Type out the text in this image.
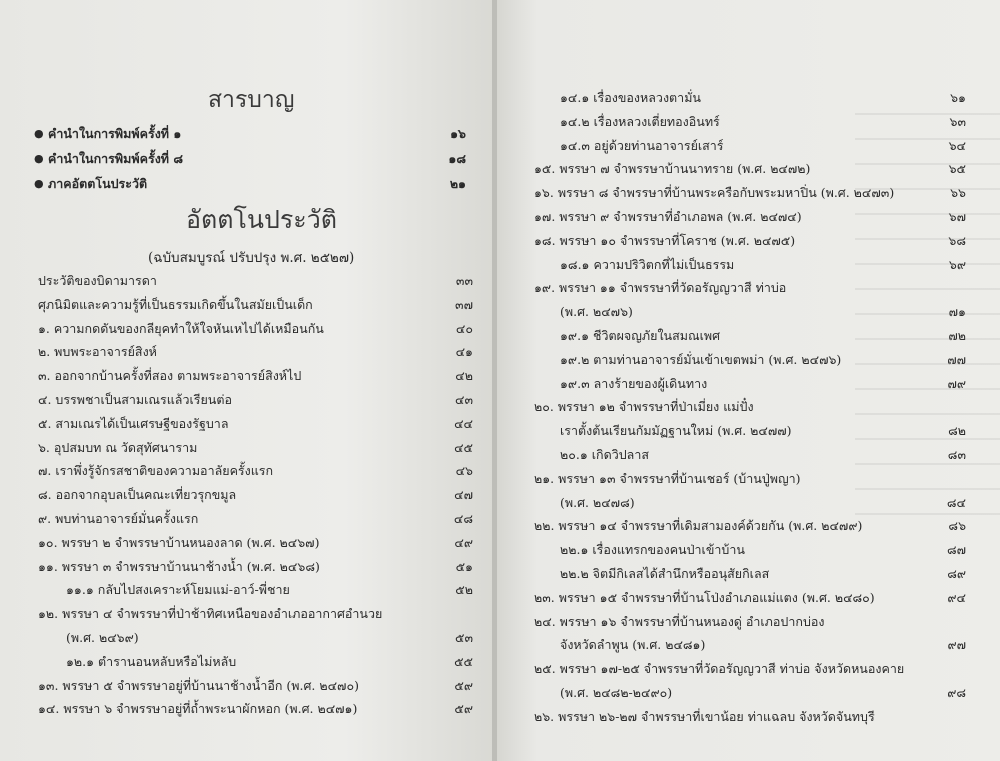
สารบาญ
● คำนำในการพิมพ์ครั้งที่ ๑	๑๖
● คำนำในการพิมพ์ครั้งที่ ๘	๑๘
● ภาคอัตตโนประวัติ	๒๑
อัตตโนประวัติ
(ฉบับสมบูรณ์ ปรับปรุง พ.ศ. ๒๕๒๗)
ประวัติของบิดามารดา	๓๓
ศุภนิมิตและความรู้ที่เป็นธรรมเกิดขึ้นในสมัยเป็นเด็ก	๓๗
๑. ความกดดันของกลียุคทำให้ใจหันเหไปได้เหมือนกัน	๔๐
๒. พบพระอาจารย์สิงห์	๔๑
๓. ออกจากบ้านครั้งที่สอง ตามพระอาจารย์สิงห์ไป	๔๒
๔. บรรพชาเป็นสามเณรแล้วเรียนต่อ	๔๓
๕. สามเณรได้เป็นเศรษฐีของรัฐบาล	๔๔
๖. อุปสมบท ณ วัดสุทัศนาราม	๔๕
๗. เราพึ่งรู้จักรสชาติของความอาลัยครั้งแรก	๔๖
๘. ออกจากอุบลเป็นคณะเที่ยวรุกขมูล	๔๗
๙. พบท่านอาจารย์มั่นครั้งแรก	๔๘
๑๐. พรรษา ๒ จำพรรษาบ้านหนองลาด (พ.ศ. ๒๔๖๗)	๔๙
๑๑. พรรษา ๓ จำพรรษาบ้านนาช้างน้ำ (พ.ศ. ๒๔๖๘)	๕๑
๑๑.๑ กลับไปสงเคราะห์โยมแม่-อาว์-พี่ชาย	๕๒
๑๒. พรรษา ๔ จำพรรษาที่ป่าช้าทิศเหนือของอำเภออากาศอำนวย
(พ.ศ. ๒๔๖๙)	๕๓
๑๒.๑ ตำรานอนหลับหรือไม่หลับ	๕๕
๑๓. พรรษา ๕ จำพรรษาอยู่ที่บ้านนาช้างน้ำอีก (พ.ศ. ๒๔๗๐)	๕๙
๑๔. พรรษา ๖ จำพรรษาอยู่ที่ถ้ำพระนาผักหอก (พ.ศ. ๒๔๗๑)	๕๙
๑๔.๑ เรื่องของหลวงตามั่น	๖๑
๑๔.๒ เรื่องหลวงเตี่ยทองอินทร์	๖๓
๑๔.๓ อยู่ด้วยท่านอาจารย์เสาร์	๖๔
๑๕. พรรษา ๗ จำพรรษาบ้านนาทราย (พ.ศ. ๒๔๗๒)	๖๕
๑๖. พรรษา ๘ จำพรรษาที่บ้านพระครือกับพระมหาปิ่น (พ.ศ. ๒๔๗๓)	๖๖
๑๗. พรรษา ๙ จำพรรษาที่อำเภอพล (พ.ศ. ๒๔๗๔)	๖๗
๑๘. พรรษา ๑๐ จำพรรษาที่โคราช (พ.ศ. ๒๔๗๕)	๖๘
๑๘.๑ ความปริวิตกที่ไม่เป็นธรรม	๖๙
๑๙. พรรษา ๑๑ จำพรรษาที่วัดอรัญญวาสี ท่าบ่อ
(พ.ศ. ๒๔๗๖)	๗๑
๑๙.๑ ชีวิตผจญภัยในสมณเพศ	๗๒
๑๙.๒ ตามท่านอาจารย์มั่นเข้าเขตพม่า (พ.ศ. ๒๔๗๖)	๗๗
๑๙.๓ ลางร้ายของผู้เดินทาง	๗๙
๒๐. พรรษา ๑๒ จำพรรษาที่ป่าเมี่ยง แม่ปั๋ง
เราตั้งต้นเรียนกัมมัฏฐานใหม่ (พ.ศ. ๒๔๗๗)	๘๒
๒๐.๑ เกิดวิปลาส	๘๓
๒๑. พรรษา ๑๓ จำพรรษาที่บ้านเชอร์ (บ้านปู่พญา)
(พ.ศ. ๒๔๗๘)	๘๔
๒๒. พรรษา ๑๔ จำพรรษาที่เดิมสามองค์ด้วยกัน (พ.ศ. ๒๔๗๙)	๘๖
๒๒.๑ เรื่องแทรกของคนป่าเข้าบ้าน	๘๗
๒๒.๒ จิตมีกิเลสได้สำนึกหรืออนุสัยกิเลส	๘๙
๒๓. พรรษา ๑๕ จำพรรษาที่บ้านโป่งอำเภอแม่แตง (พ.ศ. ๒๔๘๐)	๙๔
๒๔. พรรษา ๑๖ จำพรรษาที่บ้านหนองดู่ อำเภอปากบ่อง
จังหวัดลำพูน (พ.ศ. ๒๔๘๑)	๙๗
๒๕. พรรษา ๑๗-๒๕ จำพรรษาที่วัดอรัญญวาสี ท่าบ่อ จังหวัดหนองคาย
(พ.ศ. ๒๔๘๒-๒๔๙๐)	๙๘
๒๖. พรรษา ๒๖-๒๗ จำพรรษาที่เขาน้อย ท่าแฉลบ จังหวัดจันทบุรี
